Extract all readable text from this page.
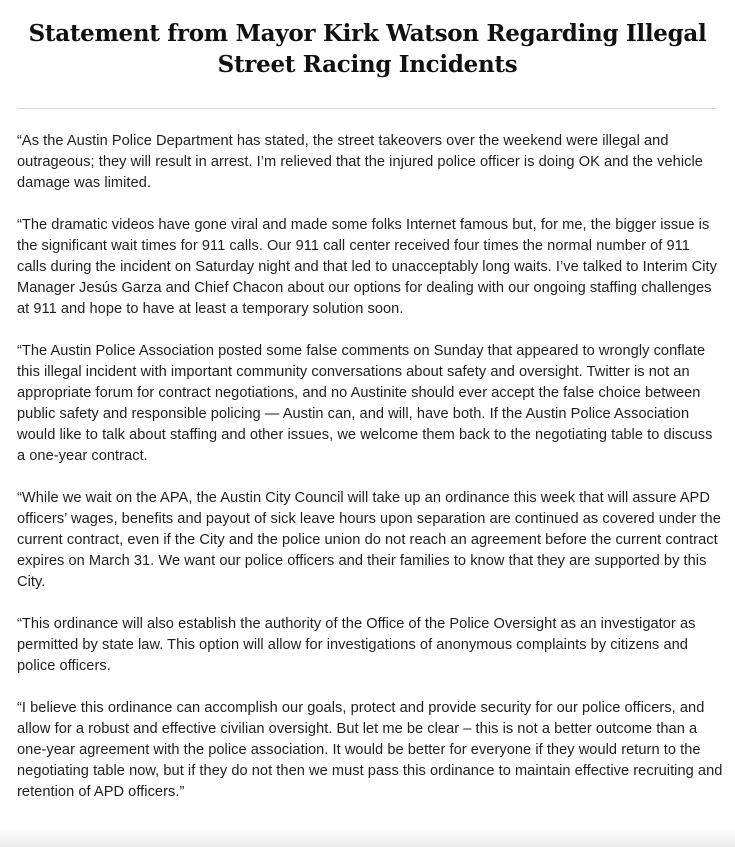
Statement from Mayor Kirk Watson Regarding Illegal Street Racing Incidents

“As the Austin Police Department has stated, the street takeovers over the weekend were illegal and outrageous; they will result in arrest. I’m relieved that the injured police officer is doing OK and the vehicle damage was limited.

“The dramatic videos have gone viral and made some folks Internet famous but, for me, the bigger issue is the significant wait times for 911 calls. Our 911 call center received four times the normal number of 911 calls during the incident on Saturday night and that led to unacceptably long waits. I’ve talked to Interim City Manager Jesús Garza and Chief Chacon about our options for dealing with our ongoing staffing challenges at 911 and hope to have at least a temporary solution soon.

“The Austin Police Association posted some false comments on Sunday that appeared to wrongly conflate this illegal incident with important community conversations about safety and oversight. Twitter is not an appropriate forum for contract negotiations, and no Austinite should ever accept the false choice between public safety and responsible policing — Austin can, and will, have both. If the Austin Police Association would like to talk about staffing and other issues, we welcome them back to the negotiating table to discuss a one-year contract.

“While we wait on the APA, the Austin City Council will take up an ordinance this week that will assure APD officers’ wages, benefits and payout of sick leave hours upon separation are continued as covered under the current contract, even if the City and the police union do not reach an agreement before the current contract expires on March 31. We want our police officers and their families to know that they are supported by this City.

“This ordinance will also establish the authority of the Office of the Police Oversight as an investigator as permitted by state law. This option will allow for investigations of anonymous complaints by citizens and police officers.

“I believe this ordinance can accomplish our goals, protect and provide security for our police officers, and allow for a robust and effective civilian oversight. But let me be clear – this is not a better outcome than a one-year agreement with the police association. It would be better for everyone if they would return to the negotiating table now, but if they do not then we must pass this ordinance to maintain effective recruiting and retention of APD officers.”
